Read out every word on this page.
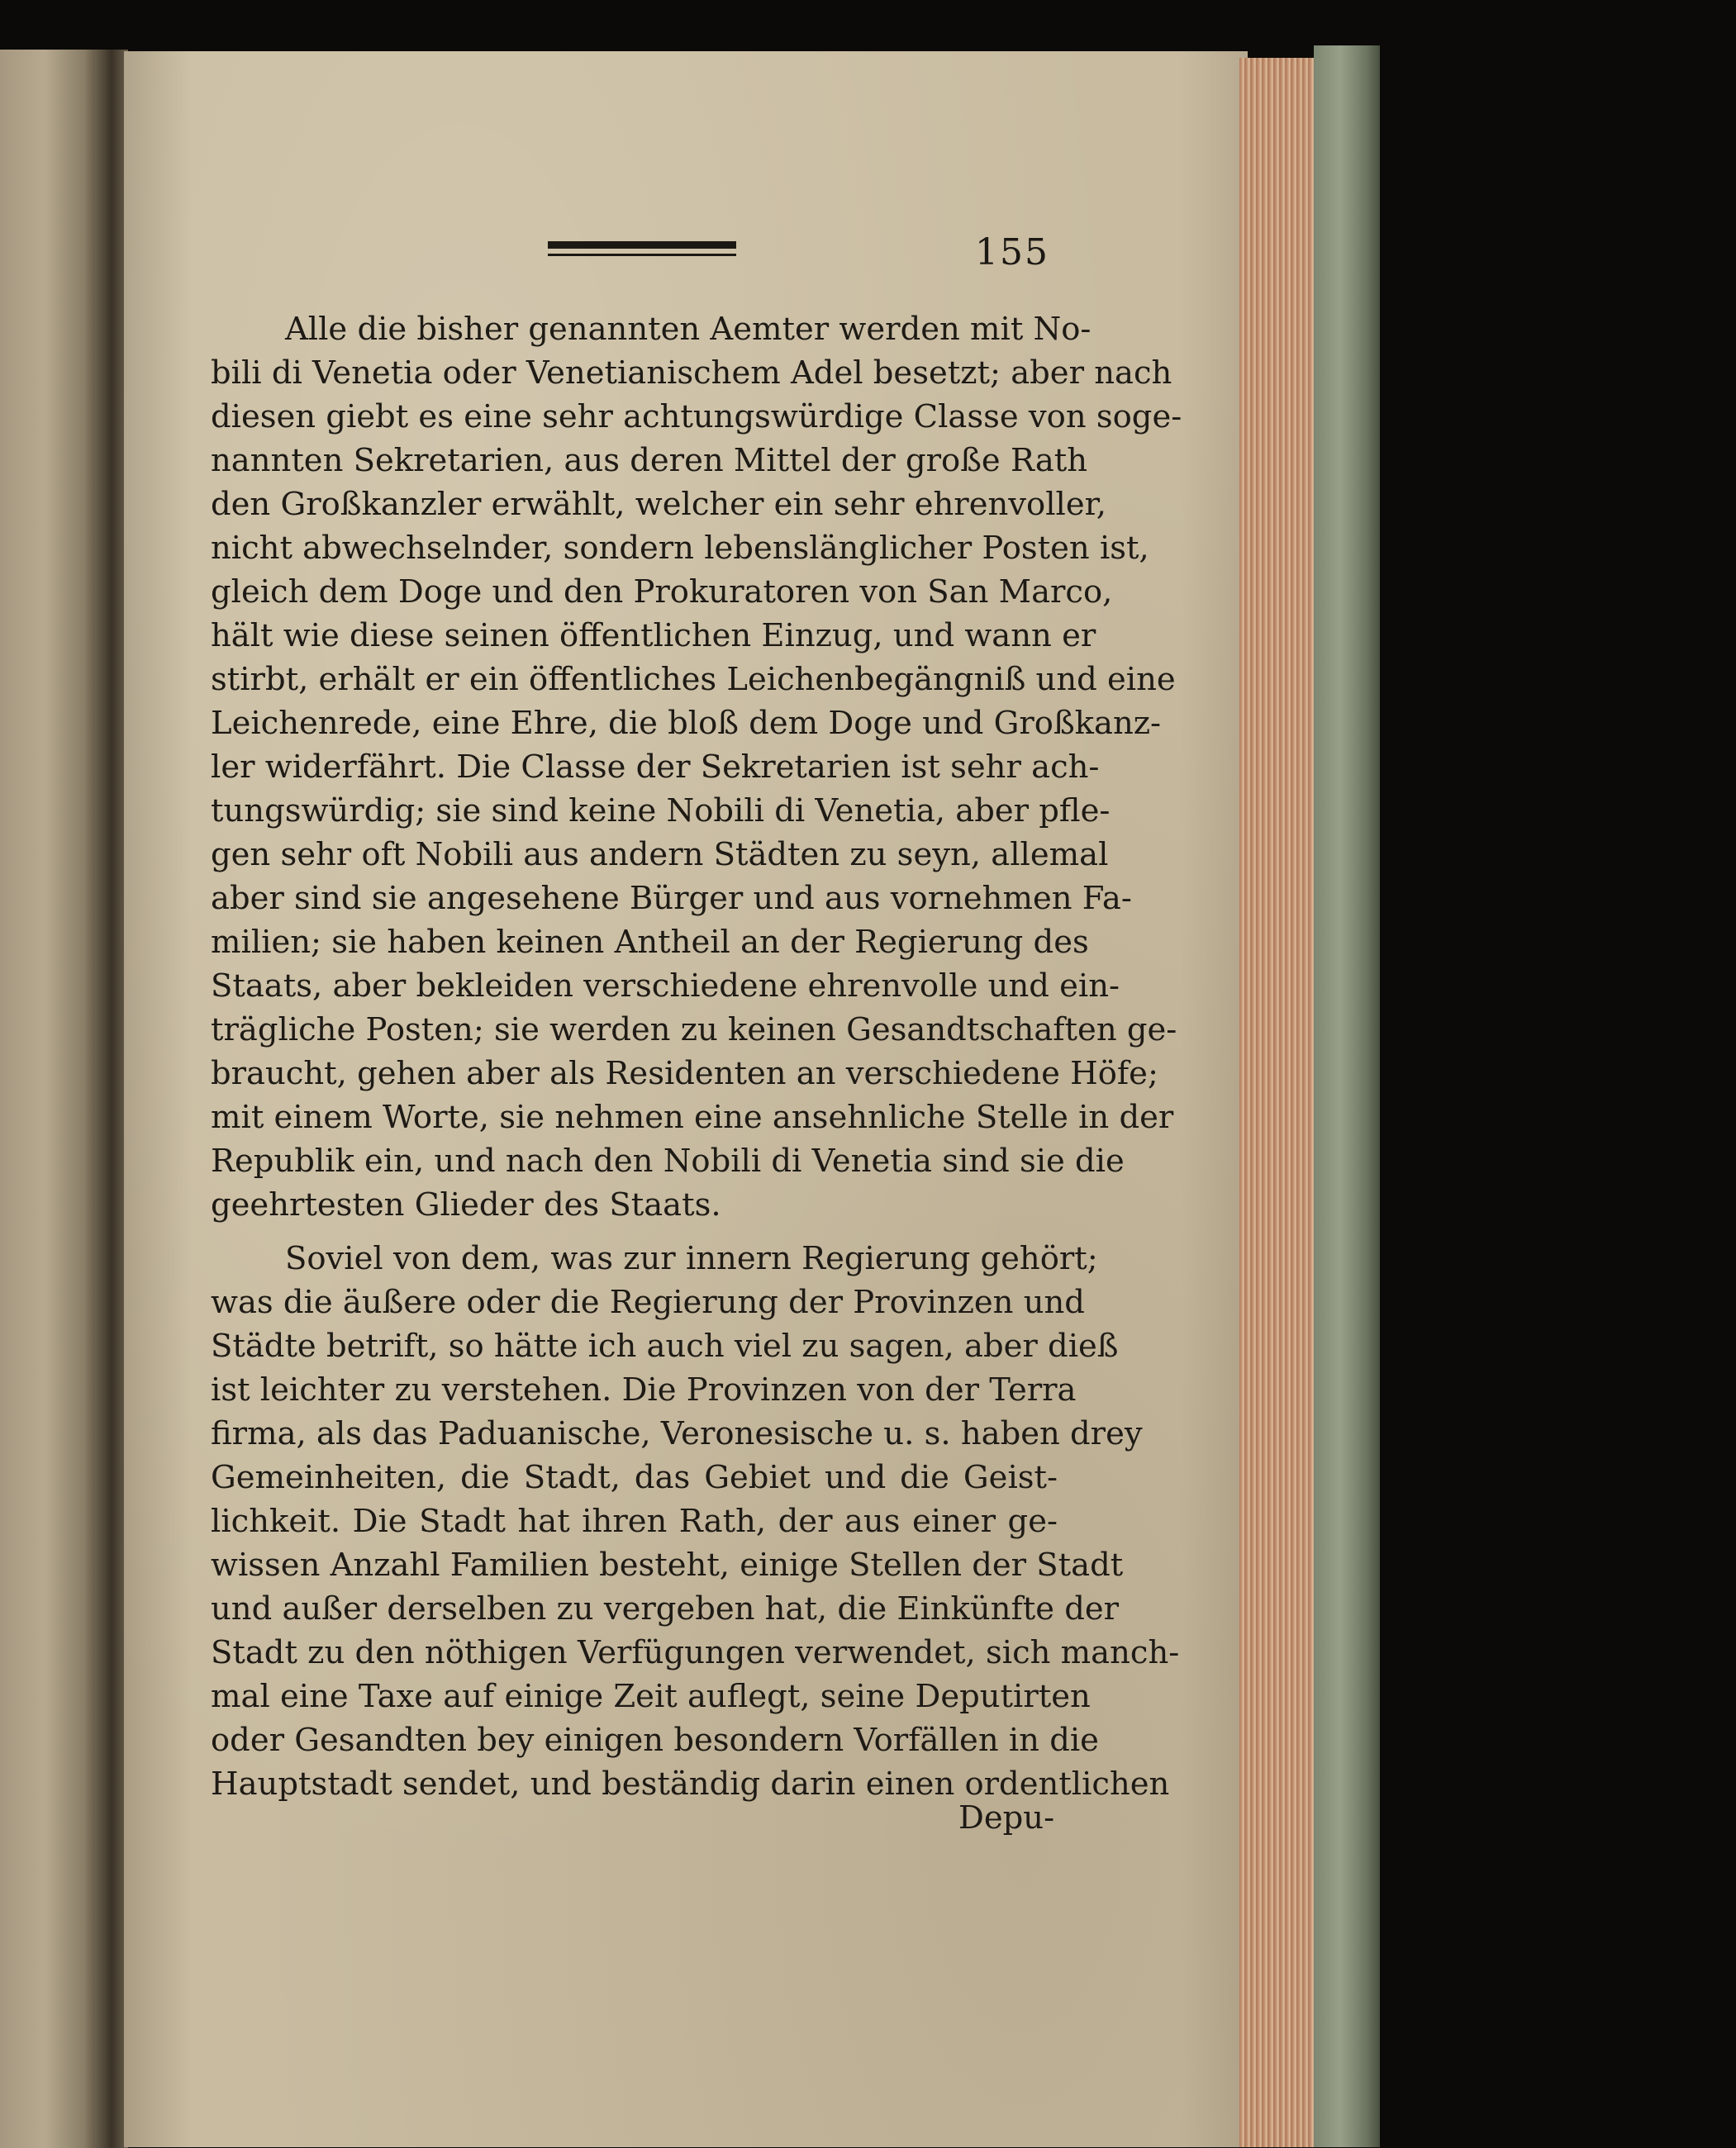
155
Alle die bisher genannten Aemter werden mit No-
bili di Venetia oder Venetianischem Adel besetzt; aber nach
diesen giebt es eine sehr achtungswürdige Classe von soge-
nannten Sekretarien, aus deren Mittel der große Rath
den Großkanzler erwählt, welcher ein sehr ehrenvoller,
nicht abwechselnder, sondern lebenslänglicher Posten ist,
gleich dem Doge und den Prokuratoren von San Marco,
hält wie diese seinen öffentlichen Einzug, und wann er
stirbt, erhält er ein öffentliches Leichenbegängniß und eine
Leichenrede, eine Ehre, die bloß dem Doge und Großkanz-
ler widerfährt. Die Classe der Sekretarien ist sehr ach-
tungswürdig; sie sind keine Nobili di Venetia, aber pfle-
gen sehr oft Nobili aus andern Städten zu seyn, allemal
aber sind sie angesehene Bürger und aus vornehmen Fa-
milien; sie haben keinen Antheil an der Regierung des
Staats, aber bekleiden verschiedene ehrenvolle und ein-
trägliche Posten; sie werden zu keinen Gesandtschaften ge-
braucht, gehen aber als Residenten an verschiedene Höfe;
mit einem Worte, sie nehmen eine ansehnliche Stelle in der
Republik ein, und nach den Nobili di Venetia sind sie die
geehrtesten Glieder des Staats.
Soviel von dem, was zur innern Regierung gehört;
was die äußere oder die Regierung der Provinzen und
Städte betrift, so hätte ich auch viel zu sagen, aber dieß
ist leichter zu verstehen. Die Provinzen von der Terra
firma, als das Paduanische, Veronesische u. s. haben drey
Gemeinheiten, die Stadt, das Gebiet und die Geist-
lichkeit. Die Stadt hat ihren Rath, der aus einer ge-
wissen Anzahl Familien besteht, einige Stellen der Stadt
und außer derselben zu vergeben hat, die Einkünfte der
Stadt zu den nöthigen Verfügungen verwendet, sich manch-
mal eine Taxe auf einige Zeit auflegt, seine Deputirten
oder Gesandten bey einigen besondern Vorfällen in die
Hauptstadt sendet, und beständig darin einen ordentlichen
Depu-
